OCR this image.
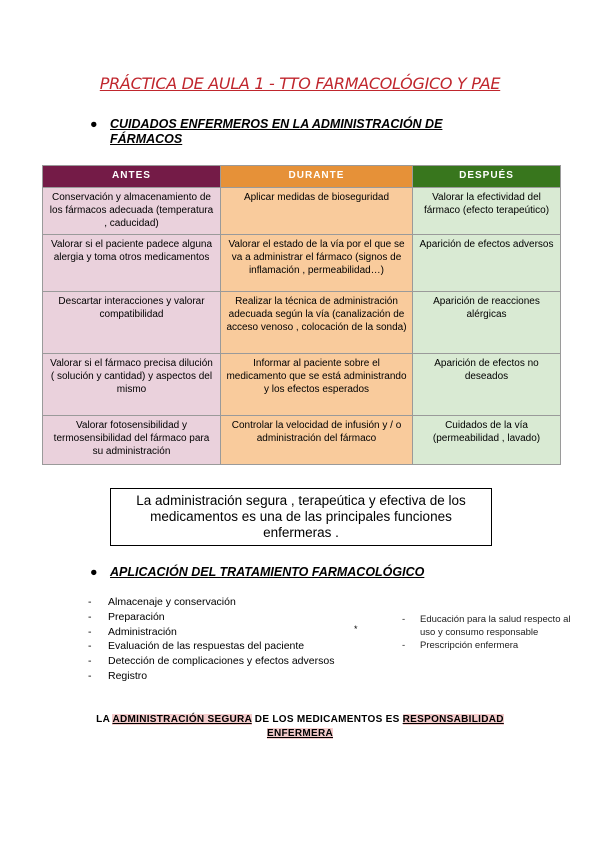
PRÁCTICA DE AULA 1 - TTO FARMACOLÓGICO Y PAE
● CUIDADOS ENFERMEROS EN LA ADMINISTRACIÓN DE FÁRMACOS
ANTES	DURANTE	DESPUÉS
Conservación y almacenamiento de los fármacos adecuada (temperatura , caducidad)	Aplicar medidas de bioseguridad	Valorar la efectividad del fármaco (efecto terapeútico)
Valorar si el paciente padece alguna alergia y toma otros medicamentos	Valorar el estado de la vía por el que se va a administrar el fármaco (signos de inflamación , permeabilidad…)	Aparición de efectos adversos
Descartar interacciones y valorar compatibilidad	Realizar la técnica de administración adecuada según la vía (canalización de acceso venoso , colocación de la sonda)	Aparición de reacciones alérgicas
Valorar si el fármaco precisa dilución ( solución y cantidad) y aspectos del mismo	Informar al paciente sobre el medicamento que se está administrando y los efectos esperados	Aparición de efectos no deseados
Valorar fotosensibilidad y termosensibilidad del fármaco para su administración	Controlar la velocidad de infusión y / o administración del fármaco	Cuidados de la vía (permeabilidad , lavado)
La administración segura , terapeútica y efectiva de los medicamentos es una de las principales funciones enfermeras .
● APLICACIÓN DEL TRATAMIENTO FARMACOLÓGICO
- Almacenaje y conservación
- Preparación
- Administración
- Evaluación de las respuestas del paciente
- Detección de complicaciones y efectos adversos
- Registro
*
- Educación para la salud respecto al uso y consumo responsable
- Prescripción enfermera
LA ADMINISTRACIÓN SEGURA DE LOS MEDICAMENTOS ES RESPONSABILIDAD ENFERMERA
